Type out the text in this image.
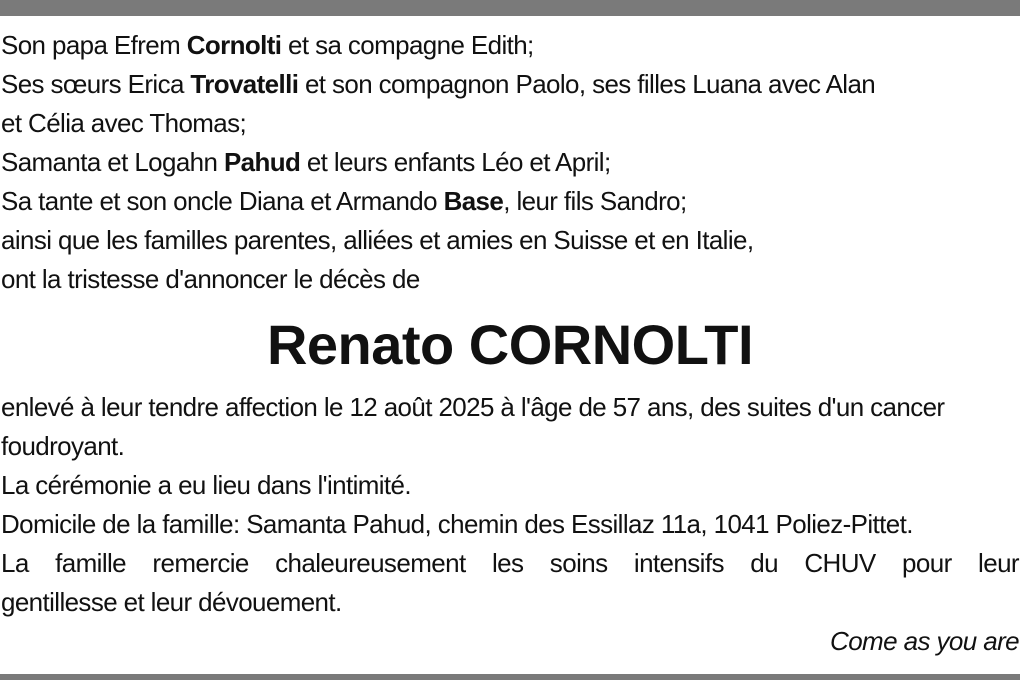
Son papa Efrem Cornolti et sa compagne Edith;
Ses sœurs Erica Trovatelli et son compagnon Paolo, ses filles Luana avec Alan
et Célia avec Thomas;
Samanta et Logahn Pahud et leurs enfants Léo et April;
Sa tante et son oncle Diana et Armando Base, leur fils Sandro;
ainsi que les familles parentes, alliées et amies en Suisse et en Italie,
ont la tristesse d'annoncer le décès de
Renato CORNOLTI
enlevé à leur tendre affection le 12 août 2025 à l'âge de 57 ans, des suites d'un cancer
foudroyant.
La cérémonie a eu lieu dans l'intimité.
Domicile de la famille: Samanta Pahud, chemin des Essillaz 11a, 1041 Poliez-Pittet.
La famille remercie chaleureusement les soins intensifs du CHUV pour leur
gentillesse et leur dévouement.
Come as you are
